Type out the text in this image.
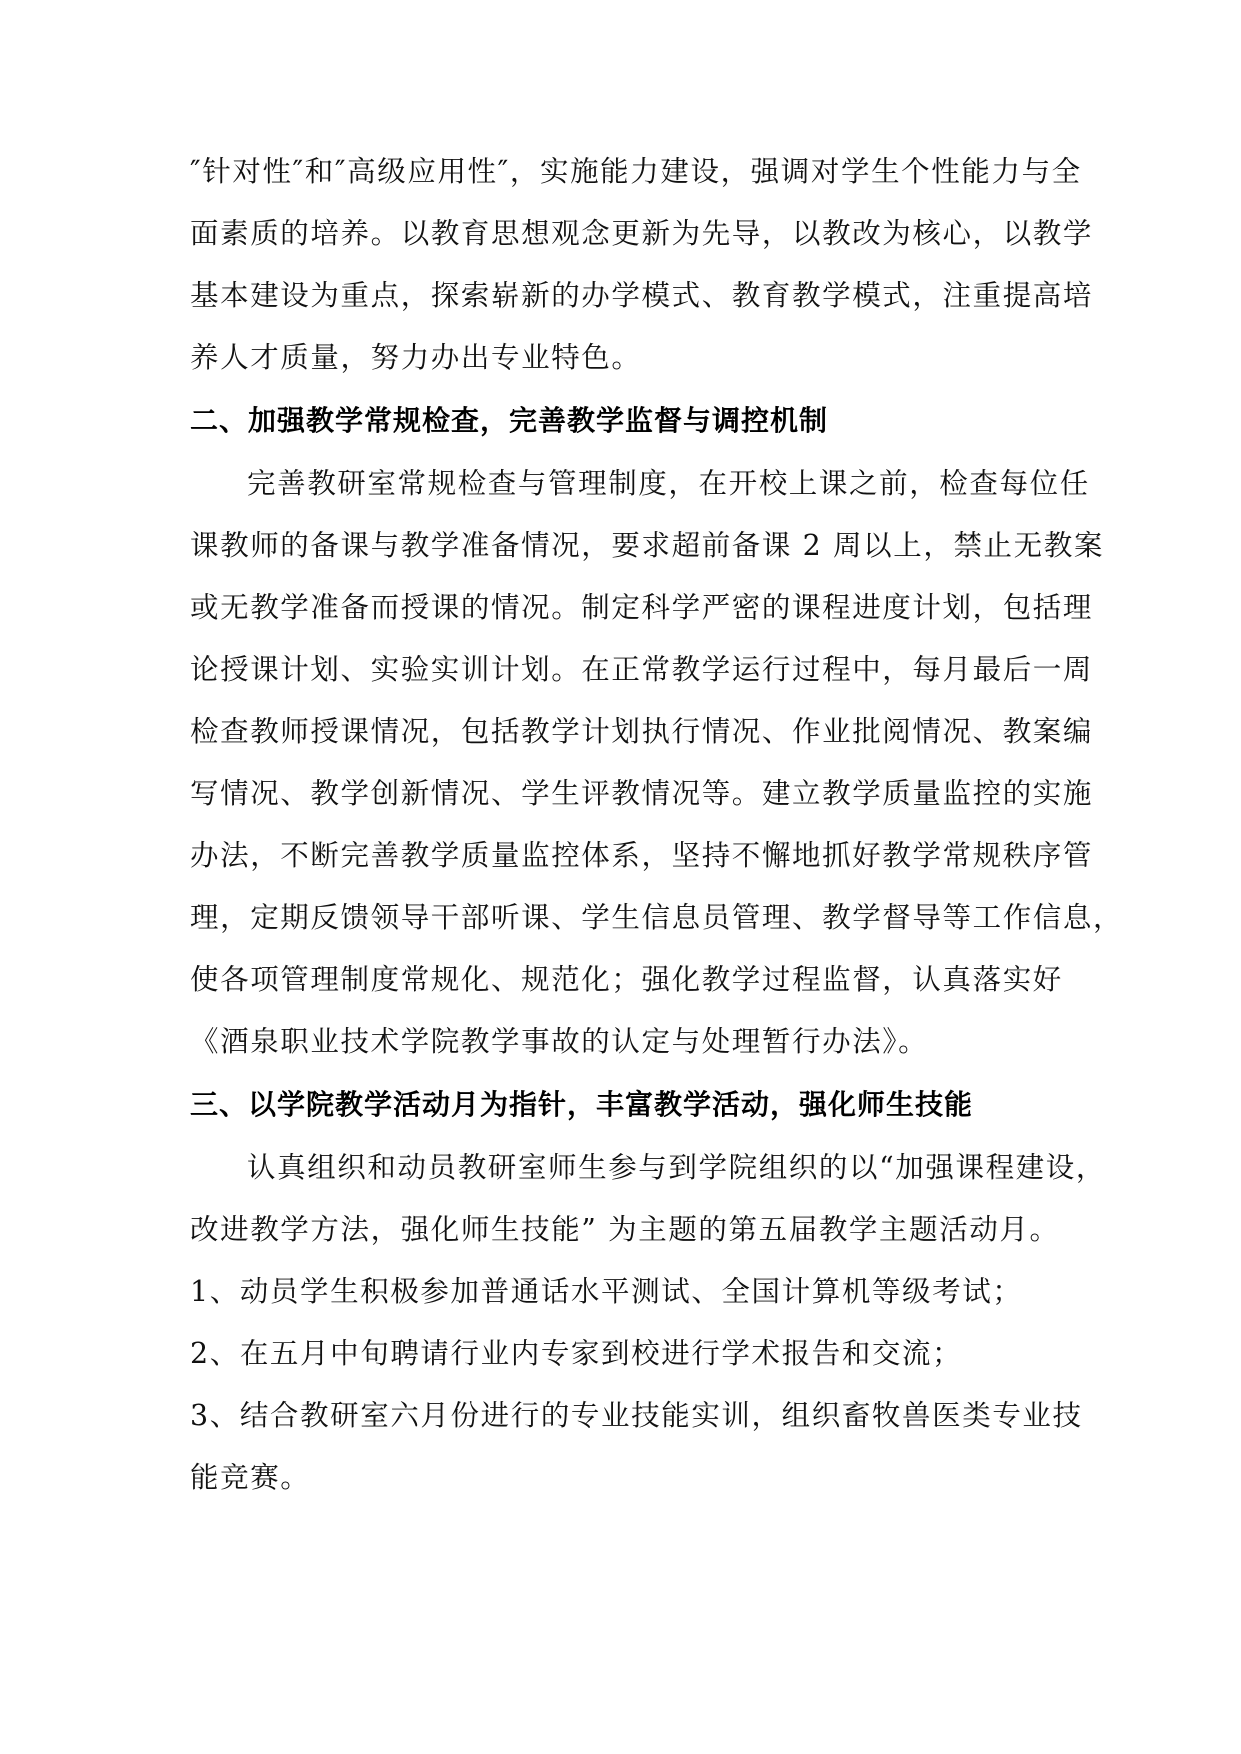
″针对性″和″高级应用性″，实施能力建设，强调对学生个性能力与全
面素质的培养。以教育思想观念更新为先导，以教改为核心，以教学
基本建设为重点，探索崭新的办学模式、教育教学模式，注重提高培
养人才质量，努力办出专业特色。
二、加强教学常规检查，完善教学监督与调控机制
完善教研室常规检查与管理制度，在开校上课之前，检查每位任
课教师的备课与教学准备情况，要求超前备课 2 周以上，禁止无教案
或无教学准备而授课的情况。制定科学严密的课程进度计划，包括理
论授课计划、实验实训计划。在正常教学运行过程中，每月最后一周
检查教师授课情况，包括教学计划执行情况、作业批阅情况、教案编
写情况、教学创新情况、学生评教情况等。建立教学质量监控的实施
办法，不断完善教学质量监控体系，坚持不懈地抓好教学常规秩序管
理，定期反馈领导干部听课、学生信息员管理、教学督导等工作信息，
使各项管理制度常规化、规范化；强化教学过程监督，认真落实好
《酒泉职业技术学院教学事故的认定与处理暂行办法》。
三、以学院教学活动月为指针，丰富教学活动，强化师生技能
认真组织和动员教研室师生参与到学院组织的以“加强课程建设，
改进教学方法，强化师生技能” 为主题的第五届教学主题活动月。
1、动员学生积极参加普通话水平测试、全国计算机等级考试；
2、在五月中旬聘请行业内专家到校进行学术报告和交流；
3、结合教研室六月份进行的专业技能实训，组织畜牧兽医类专业技
能竞赛。
